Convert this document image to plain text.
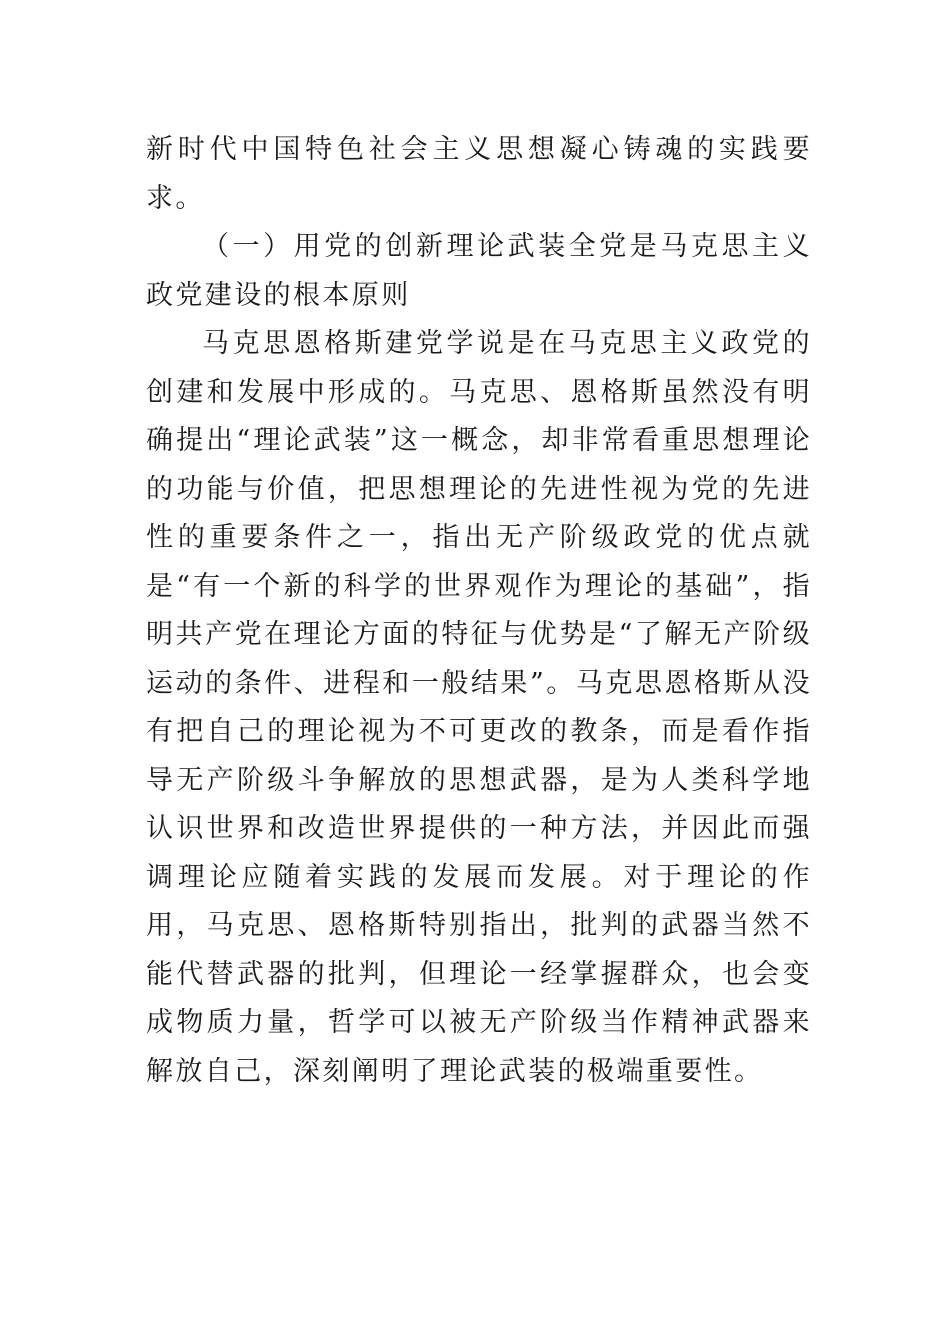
新时代中国特色社会主义思想凝心铸魂的实践要求。

（一）用党的创新理论武装全党是马克思主义政党建设的根本原则

马克思恩格斯建党学说是在马克思主义政党的创建和发展中形成的。马克思、恩格斯虽然没有明确提出“理论武装”这一概念，却非常看重思想理论的功能与价值，把思想理论的先进性视为党的先进性的重要条件之一，指出无产阶级政党的优点就是“有一个新的科学的世界观作为理论的基础”，指明共产党在理论方面的特征与优势是“了解无产阶级运动的条件、进程和一般结果”。马克思恩格斯从没有把自己的理论视为不可更改的教条，而是看作指导无产阶级斗争解放的思想武器，是为人类科学地认识世界和改造世界提供的一种方法，并因此而强调理论应随着实践的发展而发展。对于理论的作用，马克思、恩格斯特别指出，批判的武器当然不能代替武器的批判，但理论一经掌握群众，也会变成物质力量，哲学可以被无产阶级当作精神武器来解放自己，深刻阐明了理论武装的极端重要性。
